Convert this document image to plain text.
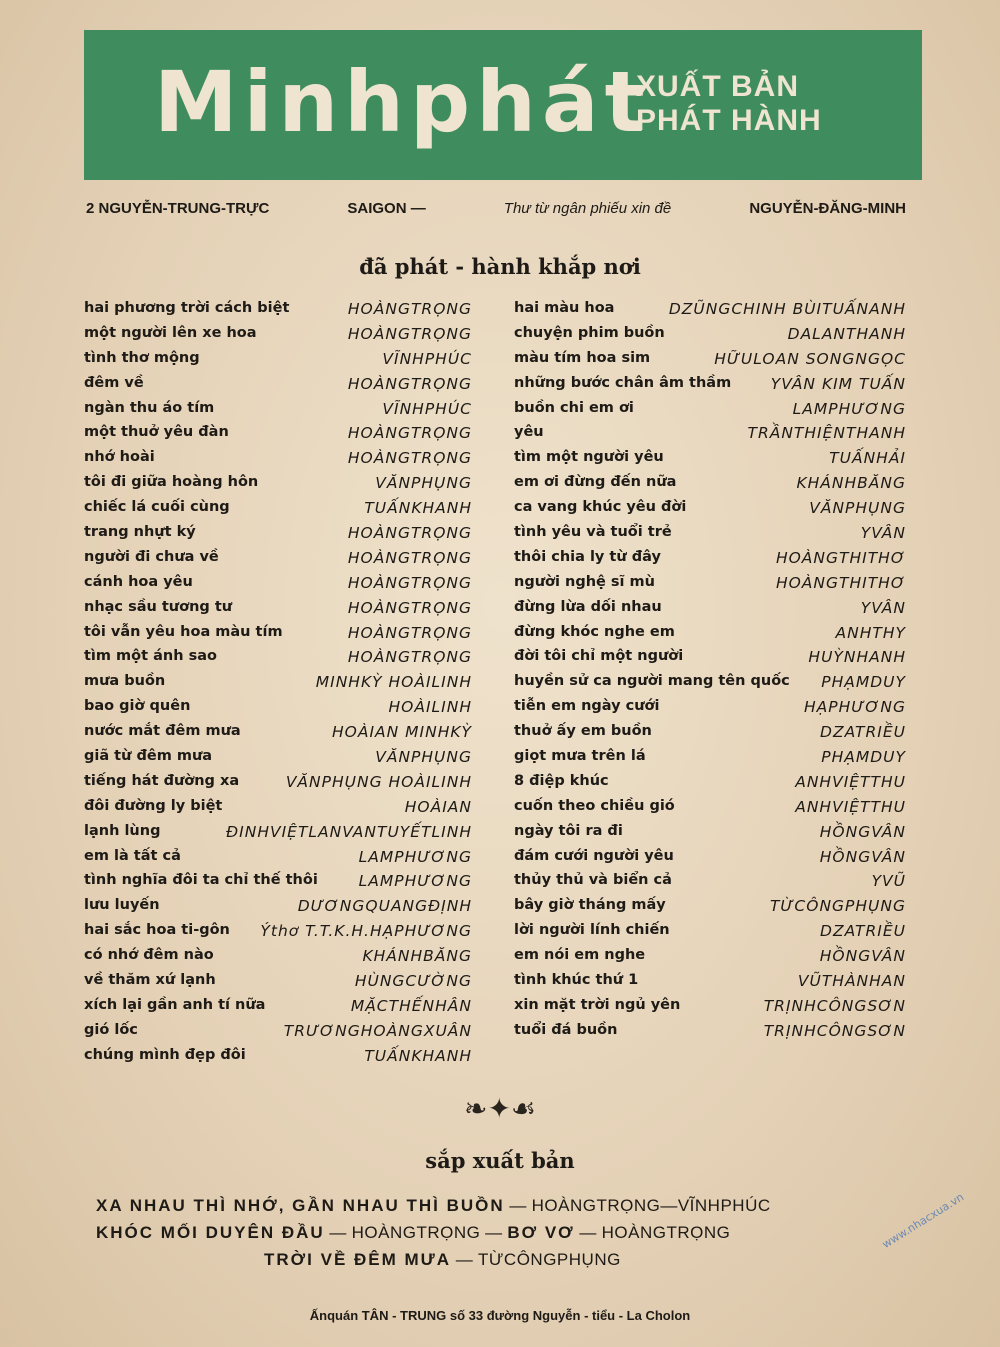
Minhphát
XUẤT BẢN
PHÁT HÀNH
2 NGUYỄN-TRUNG-TRỰC	SAIGON —	Thư từ ngân phiếu xin đề	NGUYỄN-ĐĂNG-MINH
đã phát - hành khắp nơi
hai phương trời cách biệt	HOÀNGTRỌNG
một người lên xe hoa	HOÀNGTRỌNG
tình thơ mộng	VĨNHPHÚC
đêm về	HOÀNGTRỌNG
ngàn thu áo tím	VĨNHPHÚC
một thuở yêu đàn	HOÀNGTRỌNG
nhớ hoài	HOÀNGTRỌNG
tôi đi giữa hoàng hôn	VĂNPHỤNG
chiếc lá cuối cùng	TUẤNKHANH
trang nhựt ký	HOÀNGTRỌNG
người đi chưa về	HOÀNGTRỌNG
cánh hoa yêu	HOÀNGTRỌNG
nhạc sầu tương tư	HOÀNGTRỌNG
tôi vẫn yêu hoa màu tím	HOÀNGTRỌNG
tìm một ánh sao	HOÀNGTRỌNG
mưa buồn	MINHKỲ HOÀILINH
bao giờ quên	HOÀILINH
nước mắt đêm mưa	HOÀIAN MINHKỲ
giã từ đêm mưa	VĂNPHỤNG
tiếng hát đường xa	VĂNPHỤNG HOÀILINH
đôi đường ly biệt	HOÀIAN
lạnh lùng	ĐINHVIỆTLANVANTUYẾTLINH
em là tất cả	LAMPHƯƠNG
tình nghĩa đôi ta chỉ thế thôi	LAMPHƯƠNG
lưu luyến	DƯƠNGQUANGĐỊNH
hai sắc hoa ti-gôn Ýthơ T.T.K.H.HẠPHƯƠNG
có nhớ đêm nào	KHÁNHBĂNG
về thăm xứ lạnh	HÙNGCƯỜNG
xích lại gần anh tí nữa	MẶCTHẾNHÂN
gió lốc	TRƯƠNGHOÀNGXUÂN
chúng mình đẹp đôi	TUẤNKHANH
hai màu hoa	DZŨNGCHINH BÙITUẤNANH
chuyện phim buồn	DALANTHANH
màu tím hoa sim	HỮULOAN SONGNGỌC
những bước chân âm thầm	YVÂN KIM TUẤN
buồn chi em ơi	LAMPHƯƠNG
yêu	TRẦNTHIỆNTHANH
tìm một người yêu	TUẤNHẢI
em ơi đừng đến nữa	KHÁNHBĂNG
ca vang khúc yêu đời	VĂNPHỤNG
tình yêu và tuổi trẻ	YVÂN
thôi chia ly từ đây	HOÀNGTHITHƠ
người nghệ sĩ mù	HOÀNGTHITHƠ
đừng lừa dối nhau	YVÂN
đừng khóc nghe em	ANHTHY
đời tôi chỉ một người	HUỲNHANH
huyền sử ca người mang tên quốc PHẠMDUY
tiễn em ngày cưới	HẠPHƯƠNG
thuở ấy em buồn	DZATRIỀU
giọt mưa trên lá	PHẠMDUY
8 điệp khúc	ANHVIỆTTHU
cuốn theo chiều gió	ANHVIỆTTHU
ngày tôi ra đi	HỒNGVÂN
đám cưới người yêu	HỒNGVÂN
thủy thủ và biển cả	YVŨ
bây giờ tháng mấy	TỪCÔNGPHỤNG
lời người lính chiến	DZATRIỀU
em nói em nghe	HỒNGVÂN
tình khúc thứ 1	VŨTHÀNHAN
xin mặt trời ngủ yên	TRỊNHCÔNGSƠN
tuổi đá buồn	TRỊNHCÔNGSƠN
❧✦☙
sắp xuất bản
XA NHAU THÌ NHỚ, GẦN NHAU THÌ BUỒN — HOÀNGTRỌNG—VĨNHPHÚC
KHÓC MỐI DUYÊN ĐẦU — HOÀNGTRỌNG — BƠ VƠ — HOÀNGTRỌNG
TRỜI VỀ ĐÊM MƯA — TỪCÔNGPHỤNG
Ấnquán TÂN - TRUNG số 33 đường Nguyễn - tiểu - La Cholon
www.nhacxua.vn
